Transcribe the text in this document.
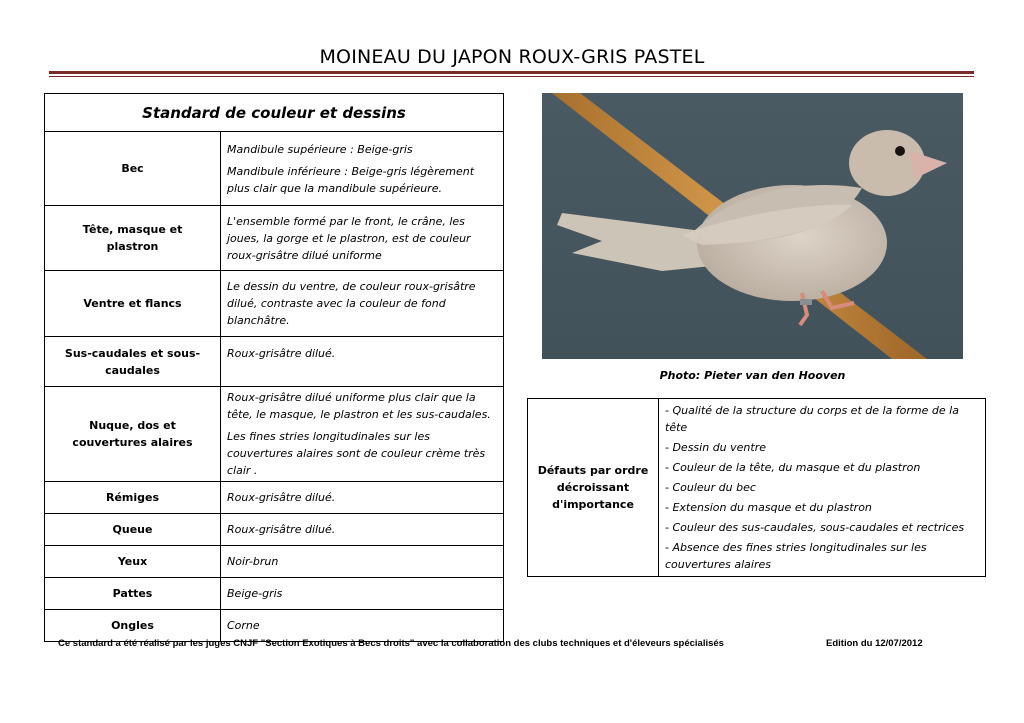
MOINEAU DU JAPON ROUX-GRIS PASTEL
Standard de couleur et dessins	
Bec	Mandibule supérieure : Beige-gris

Mandibule inférieure : Beige-gris légèrement plus clair que la mandibule supérieure.

Tête, masque et plastron	L'ensemble formé par le front, le crâne, les joues, la gorge et le plastron, est de couleur roux-grisâtre dilué uniforme

Ventre et flancs	Le dessin du ventre, de couleur roux-grisâtre dilué, contraste avec la couleur de fond blanchâtre.

Sus-caudales et sous-caudales	Roux-grisâtre dilué.

Nuque, dos et couvertures alaires	Roux-grisâtre dilué uniforme plus clair que la tête, le masque, le plastron et les sus-caudales.

Les fines stries longitudinales sur les couvertures alaires sont de couleur crème très clair .

Rémiges	Roux-grisâtre dilué.

Queue	Roux-grisâtre dilué.

Yeux	Noir-brun

Pattes	Beige-gris

Ongles	Corne

Photo: Pieter van den Hooven
Défauts par ordre décroissant d'importance	
- Qualité de la structure du corps et de la forme de la tête
- Dessin du ventre
- Couleur de la tête, du masque et du plastron
- Couleur du bec
- Extension du masque et du plastron
- Couleur des sus-caudales, sous-caudales et rectrices
- Absence des fines stries longitudinales sur les couvertures alaires
Ce standard a été réalisé par les juges CNJF "Section Exotiques à Becs droits" avec la collaboration des clubs techniques et d'éleveurs spécialisés	Edition du 12/07/2012
